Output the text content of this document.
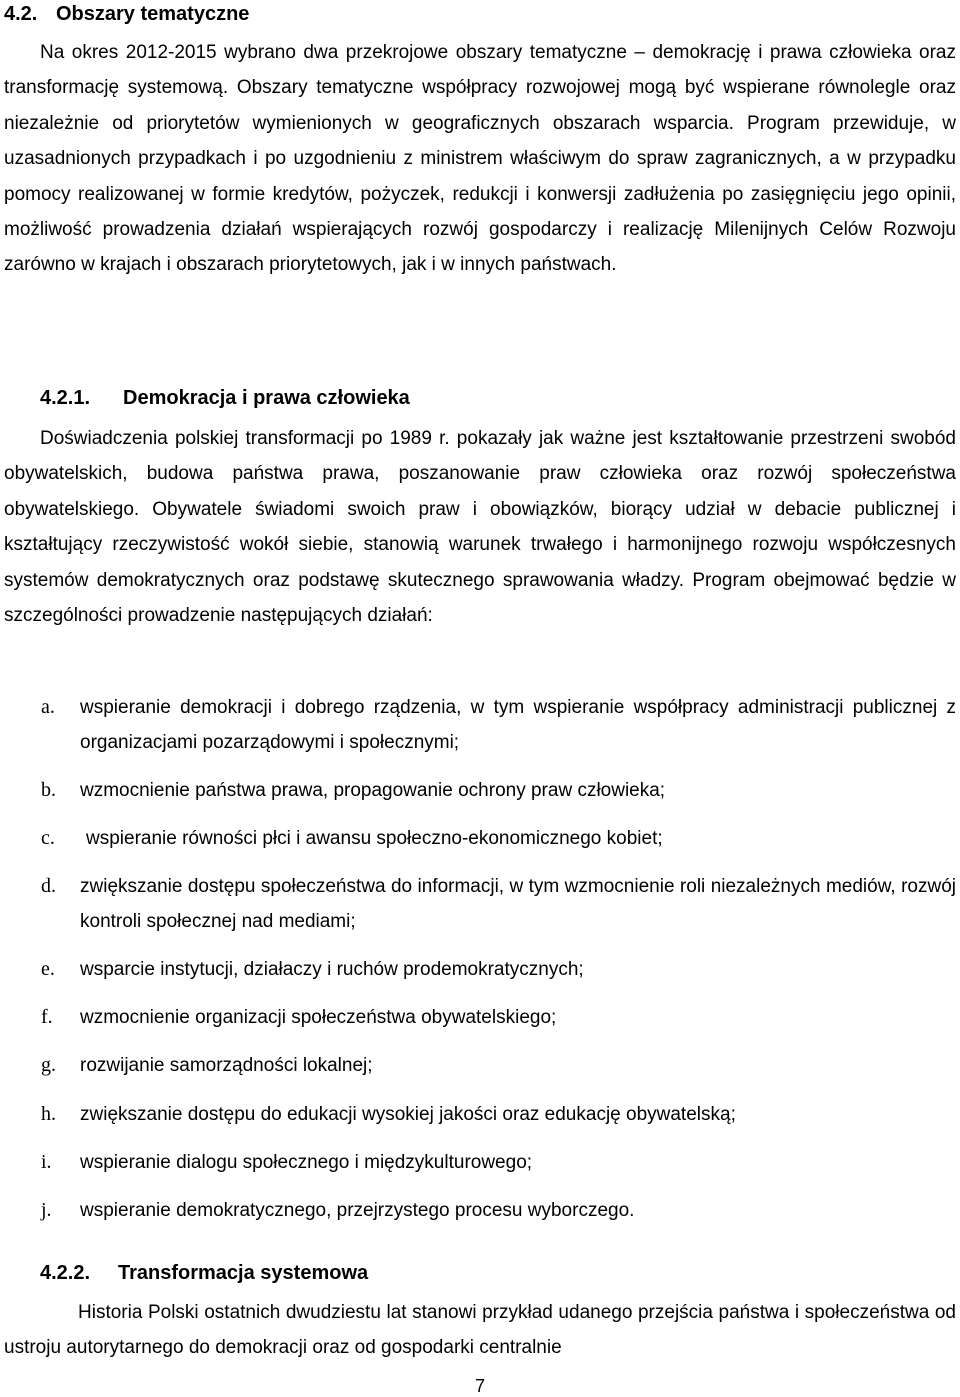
4.2. Obszary tematyczne

Na okres 2012-2015 wybrano dwa przekrojowe obszary tematyczne – demokrację i prawa człowieka oraz transformację systemową. Obszary tematyczne współpracy rozwojowej mogą być wspierane równolegle oraz niezależnie od priorytetów wymienionych w geograficznych obszarach wsparcia. Program przewiduje, w uzasadnionych przypadkach i po uzgodnieniu z ministrem właściwym do spraw zagranicznych, a w przypadku pomocy realizowanej w formie kredytów, pożyczek, redukcji i konwersji zadłużenia po zasięgnięciu jego opinii, możliwość prowadzenia działań wspierających rozwój gospodarczy i realizację Milenijnych Celów Rozwoju zarówno w krajach i obszarach priorytetowych, jak i w innych państwach.

4.2.1. Demokracja i prawa człowieka

Doświadczenia polskiej transformacji po 1989 r. pokazały jak ważne jest kształtowanie przestrzeni swobód obywatelskich, budowa państwa prawa, poszanowanie praw człowieka oraz rozwój społeczeństwa obywatelskiego. Obywatele świadomi swoich praw i obowiązków, biorący udział w debacie publicznej i kształtujący rzeczywistość wokół siebie, stanowią warunek trwałego i harmonijnego rozwoju współczesnych systemów demokratycznych oraz podstawę skutecznego sprawowania władzy. Program obejmować będzie w szczególności prowadzenie następujących działań:

a. wspieranie demokracji i dobrego rządzenia, w tym wspieranie współpracy administracji publicznej z organizacjami pozarządowymi i społecznymi;

b. wzmocnienie państwa prawa, propagowanie ochrony praw człowieka;

c. wspieranie równości płci i awansu społeczno-ekonomicznego kobiet;

d. zwiększanie dostępu społeczeństwa do informacji, w tym wzmocnienie roli niezależnych mediów, rozwój kontroli społecznej nad mediami;

e. wsparcie instytucji, działaczy i ruchów prodemokratycznych;

f. wzmocnienie organizacji społeczeństwa obywatelskiego;

g. rozwijanie samorządności lokalnej;

h. zwiększanie dostępu do edukacji wysokiej jakości oraz edukację obywatelską;

i. wspieranie dialogu społecznego i międzykulturowego;

j. wspieranie demokratycznego, przejrzystego procesu wyborczego.

4.2.2. Transformacja systemowa

Historia Polski ostatnich dwudziestu lat stanowi przykład udanego przejścia państwa i społeczeństwa od ustroju autorytarnego do demokracji oraz od gospodarki centralnie

7
